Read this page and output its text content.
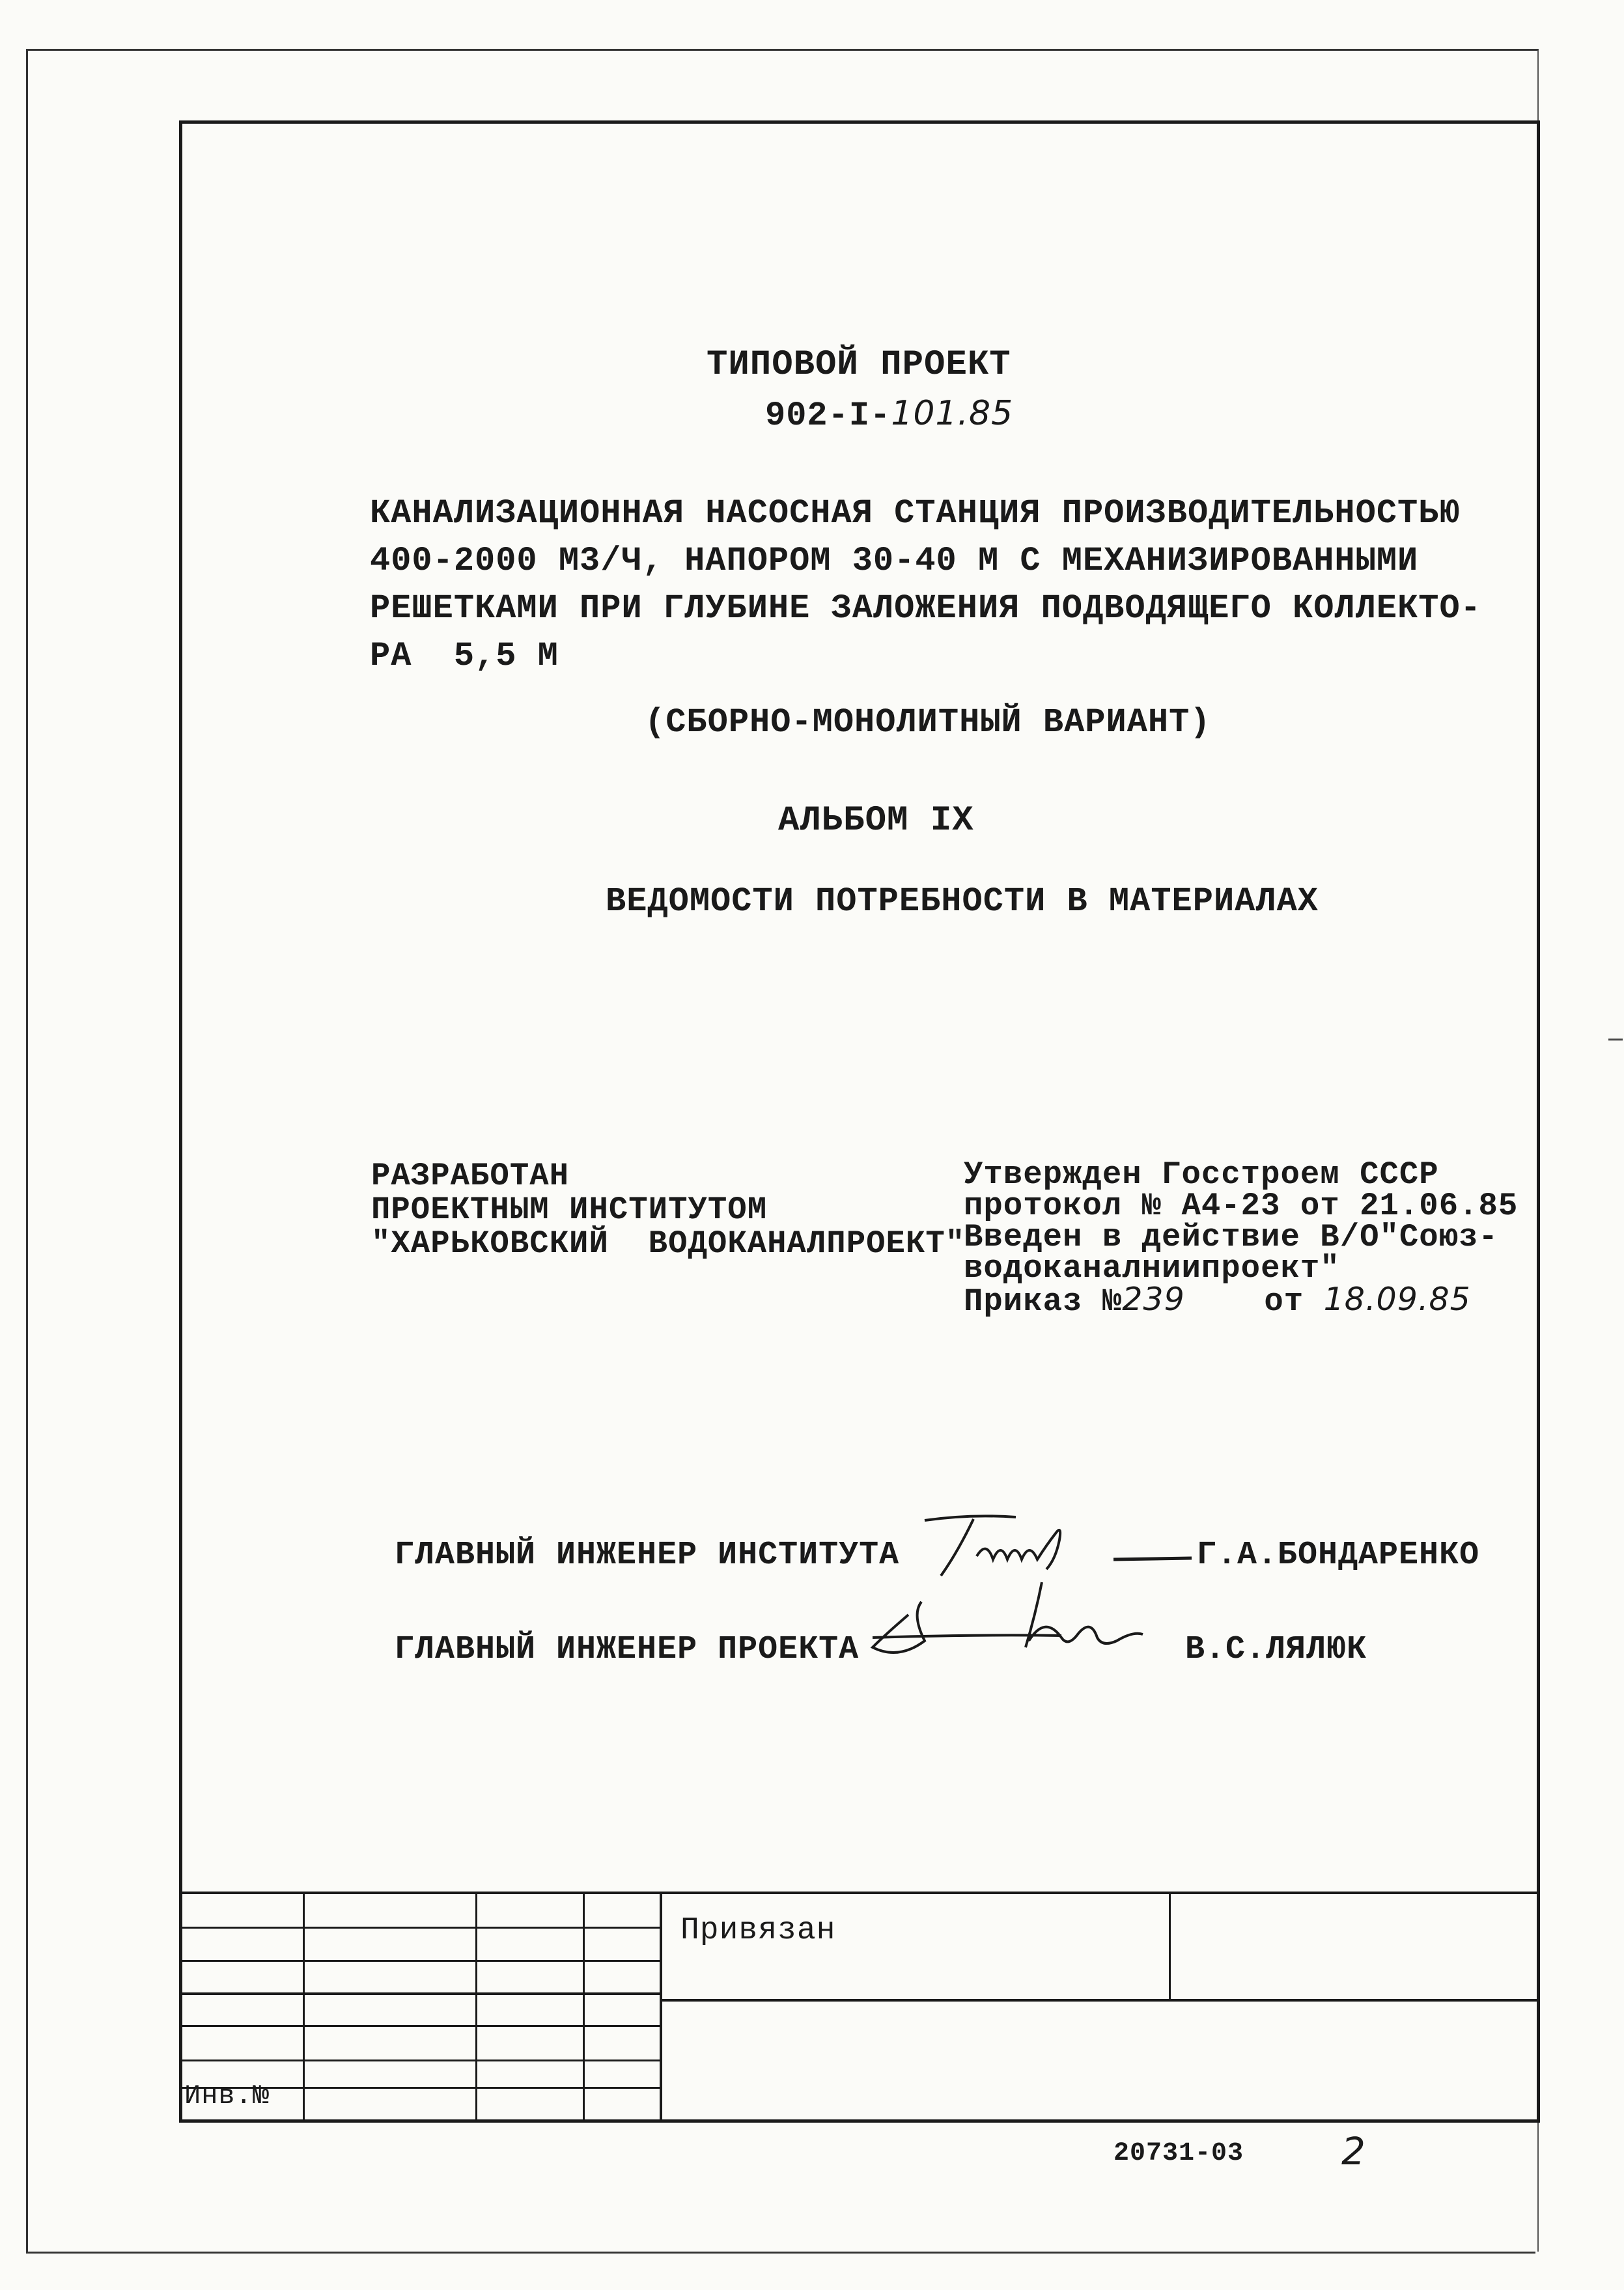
ТИПОВОЙ ПРОЕКТ
902-I-101.85
КАНАЛИЗАЦИОННАЯ НАСОСНАЯ СТАНЦИЯ ПРОИЗВОДИТЕЛЬНОСТЬЮ
400-2000 М3/Ч, НАПОРОМ 30-40 М С МЕХАНИЗИРОВАННЫМИ
РЕШЕТКАМИ ПРИ ГЛУБИНЕ ЗАЛОЖЕНИЯ ПОДВОДЯЩЕГО КОЛЛЕКТО-
РА  5,5 М
(СБОРНО-МОНОЛИТНЫЙ ВАРИАНТ)
АЛЬБОМ IX
ВЕДОМОСТИ ПОТРЕБНОСТИ В МАТЕРИАЛАХ
РАЗРАБОТАН
ПРОЕКТНЫМ ИНСТИТУТОМ
"ХАРЬКОВСКИЙ  ВОДОКАНАЛПРОЕКТ"
Утвержден Госстроем СССР
протокол № А4-23 от 21.06.85
Введен в действие В/О"Союз-
водоканалниипроект"
Приказ №239 от 18.09.85
ГЛАВНЫЙ ИНЖЕНЕР ИНСТИТУТА	Г.А.БОНДАРЕНКО
ГЛАВНЫЙ ИНЖЕНЕР ПРОЕКТА	В.С.ЛЯЛЮК
Привязан
Инв.№
20731-03	2
